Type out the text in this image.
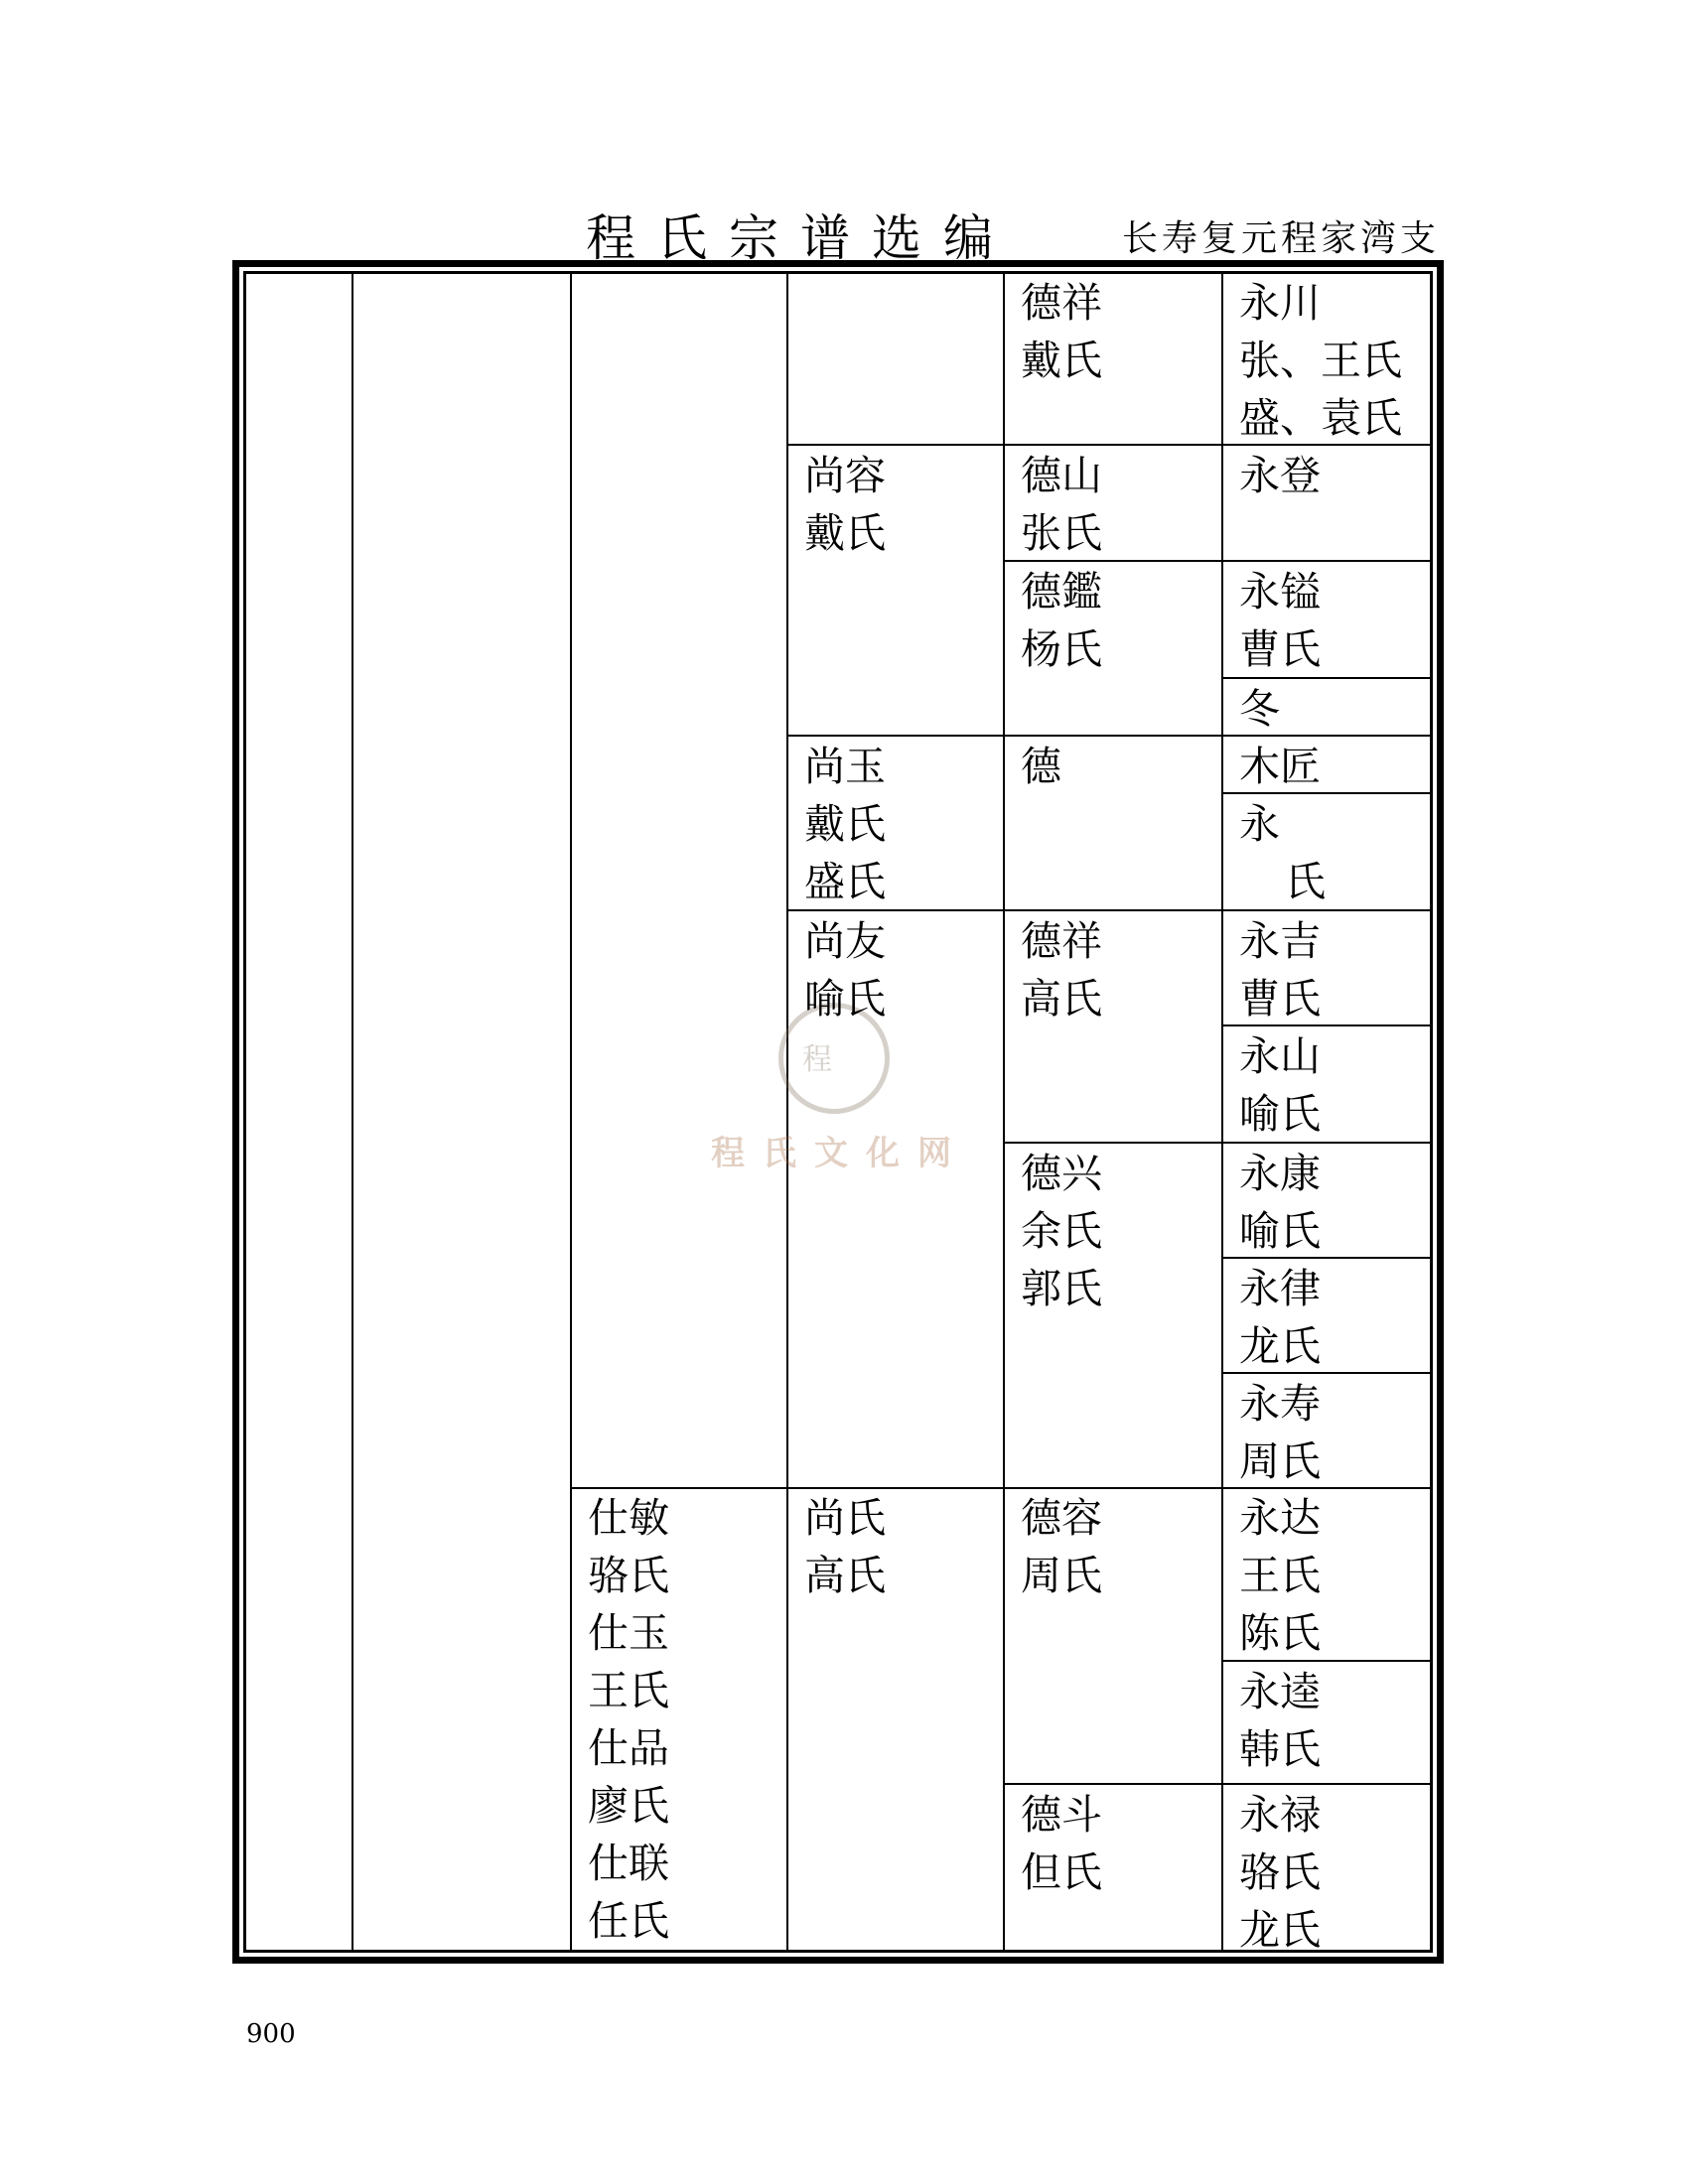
程氏宗谱选编	长寿复元程家湾支
程
程氏文化网
仕敏
骆氏
仕玉
王氏
仕品
廖氏
仕联
任氏
尚容
戴氏
尚玉
戴氏
盛氏
尚友
喻氏
尚氏
高氏
德祥
戴氏
德山
张氏
德鑑
杨氏
德
德祥
高氏
德兴
余氏
郭氏
德容
周氏
德斗
但氏
永川
张、王氏
盛、袁氏
永登
永镒
曹氏
冬
木匠
永
氏
永吉
曹氏
永山
喻氏
永康
喻氏
永律
龙氏
永寿
周氏
永达
王氏
陈氏
永逵
韩氏
永禄
骆氏
龙氏
900
